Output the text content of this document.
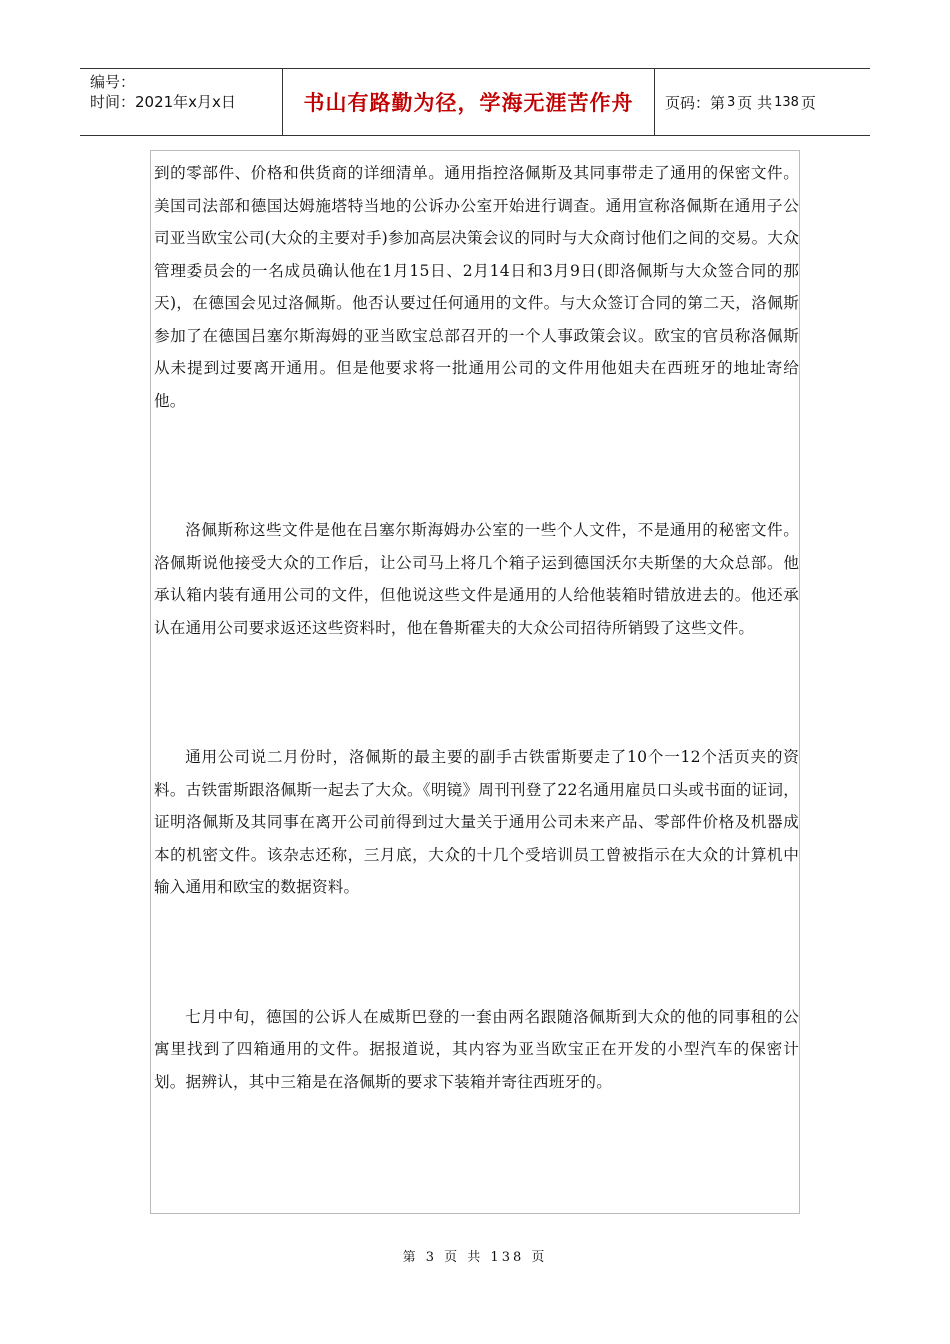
编号：
时间：2021年x月x日	书山有路勤为径，学海无涯苦作舟	页码：第 3 页 共 138 页

到的零部件、价格和供货商的详细清单。通用指控洛佩斯及其同事带走了通用的保密文件。美国司法部和德国达姆施塔特当地的公诉办公室开始进行调查。通用宣称洛佩斯在通用子公司亚当欧宝公司(大众的主要对手)参加高层决策会议的同时与大众商讨他们之间的交易。大众管理委员会的一名成员确认他在1月15日、2月14日和3月9日(即洛佩斯与大众签合同的那天)，在德国会见过洛佩斯。他否认要过任何通用的文件。与大众签订合同的第二天，洛佩斯参加了在德国吕塞尔斯海姆的亚当欧宝总部召开的一个人事政策会议。欧宝的官员称洛佩斯从未提到过要离开通用。但是他要求将一批通用公司的文件用他姐夫在西班牙的地址寄给他。

洛佩斯称这些文件是他在吕塞尔斯海姆办公室的一些个人文件，不是通用的秘密文件。洛佩斯说他接受大众的工作后，让公司马上将几个箱子运到德国沃尔夫斯堡的大众总部。他承认箱内装有通用公司的文件，但他说这些文件是通用的人给他装箱时错放进去的。他还承认在通用公司要求返还这些资料时，他在鲁斯霍夫的大众公司招待所销毁了这些文件。

通用公司说二月份时，洛佩斯的最主要的副手古铁雷斯要走了10个一12个活页夹的资料。古铁雷斯跟洛佩斯一起去了大众。《明镜》周刊刊登了22名通用雇员口头或书面的证词，证明洛佩斯及其同事在离开公司前得到过大量关于通用公司未来产品、零部件价格及机器成本的机密文件。该杂志还称，三月底，大众的十几个受培训员工曾被指示在大众的计算机中输入通用和欧宝的数据资料。

七月中旬，德国的公诉人在威斯巴登的一套由两名跟随洛佩斯到大众的他的同事租的公寓里找到了四箱通用的文件。据报道说，其内容为亚当欧宝正在开发的小型汽车的保密计划。据辨认，其中三箱是在洛佩斯的要求下装箱并寄往西班牙的。

第 3 页 共 138 页
